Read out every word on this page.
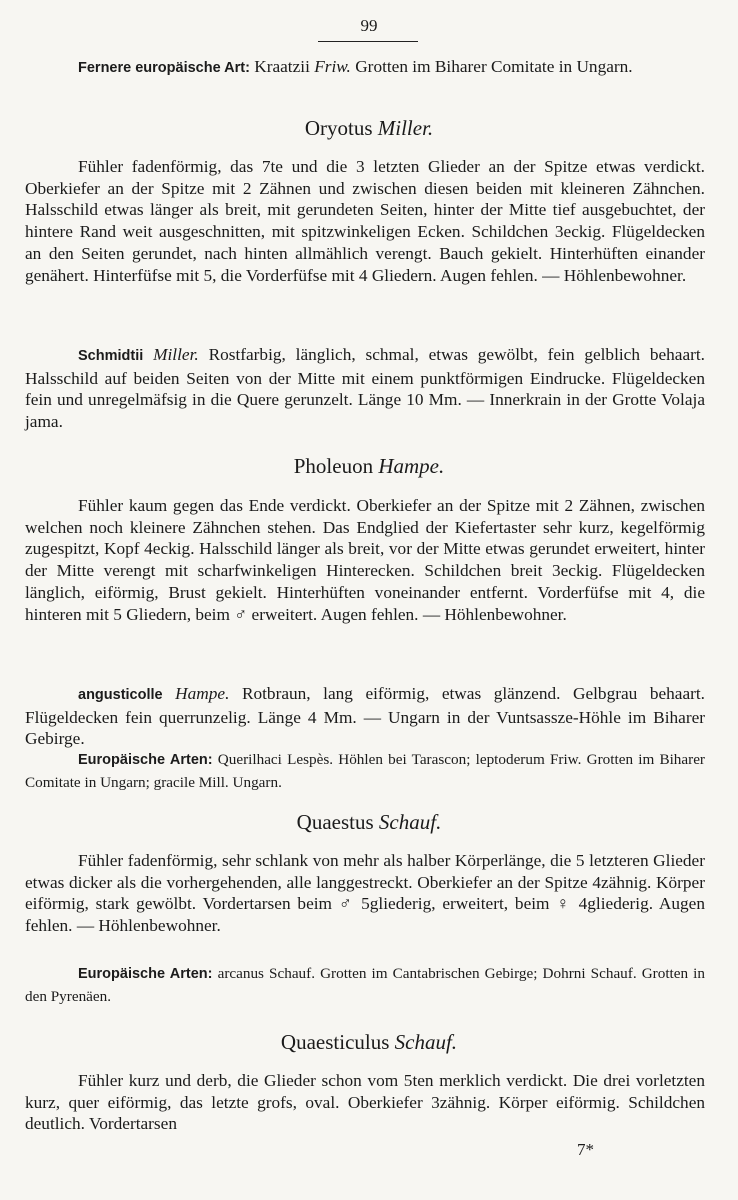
99

Fernere europäische Art: Kraatzii Friw. Grotten im Biharer Comitate in Ungarn.

Oryotus Miller.

Fühler fadenförmig, das 7te und die 3 letzten Glieder an der Spitze etwas verdickt. Oberkiefer an der Spitze mit 2 Zähnen und zwischen diesen beiden mit kleineren Zähnchen. Halsschild etwas länger als breit, mit gerundeten Seiten, hinter der Mitte tief ausgebuchtet, der hintere Rand weit ausgeschnitten, mit spitzwinkeligen Ecken. Schildchen 3eckig. Flügeldecken an den Seiten gerundet, nach hinten allmählich verengt. Bauch gekielt. Hinterhüften einander genähert. Hinterfüfse mit 5, die Vorderfüfse mit 4 Gliedern. Augen fehlen. — Höhlenbewohner.

Schmidtii Miller. Rostfarbig, länglich, schmal, etwas gewölbt, fein gelblich behaart. Halsschild auf beiden Seiten von der Mitte mit einem punktförmigen Eindrucke. Flügeldecken fein und unregelmäfsig in die Quere gerunzelt. Länge 10 Mm. — Innerkrain in der Grotte Volaja jama.

Pholeuon Hampe.

Fühler kaum gegen das Ende verdickt. Oberkiefer an der Spitze mit 2 Zähnen, zwischen welchen noch kleinere Zähnchen stehen. Das Endglied der Kiefertaster sehr kurz, kegelförmig zugespitzt, Kopf 4eckig. Halsschild länger als breit, vor der Mitte etwas gerundet erweitert, hinter der Mitte verengt mit scharfwinkeligen Hinterecken. Schildchen breit 3eckig. Flügeldecken länglich, eiförmig, Brust gekielt. Hinterhüften voneinander entfernt. Vorderfüfse mit 4, die hinteren mit 5 Gliedern, beim ♂ erweitert. Augen fehlen. — Höhlenbewohner.

angusticolle Hampe. Rotbraun, lang eiförmig, etwas glänzend. Gelbgrau behaart. Flügeldecken fein querrunzelig. Länge 4 Mm. — Ungarn in der Vuntsassze-Höhle im Biharer Gebirge.

Europäische Arten: Querilhaci Lespès. Höhlen bei Tarascon; leptoderum Friw. Grotten im Biharer Comitate in Ungarn; gracile Mill. Ungarn.

Quaestus Schauf.

Fühler fadenförmig, sehr schlank von mehr als halber Körperlänge, die 5 letzteren Glieder etwas dicker als die vorhergehenden, alle langgestreckt. Oberkiefer an der Spitze 4zähnig. Körper eiförmig, stark gewölbt. Vordertarsen beim ♂ 5gliederig, erweitert, beim ♀ 4gliederig. Augen fehlen. — Höhlenbewohner.

Europäische Arten: arcanus Schauf. Grotten im Cantabrischen Gebirge; Dohrni Schauf. Grotten in den Pyrenäen.

Quaesticulus Schauf.

Fühler kurz und derb, die Glieder schon vom 5ten merklich verdickt. Die drei vorletzten kurz, quer eiförmig, das letzte grofs, oval. Oberkiefer 3zähnig. Körper eiförmig. Schildchen deutlich. Vordertarsen

7*
